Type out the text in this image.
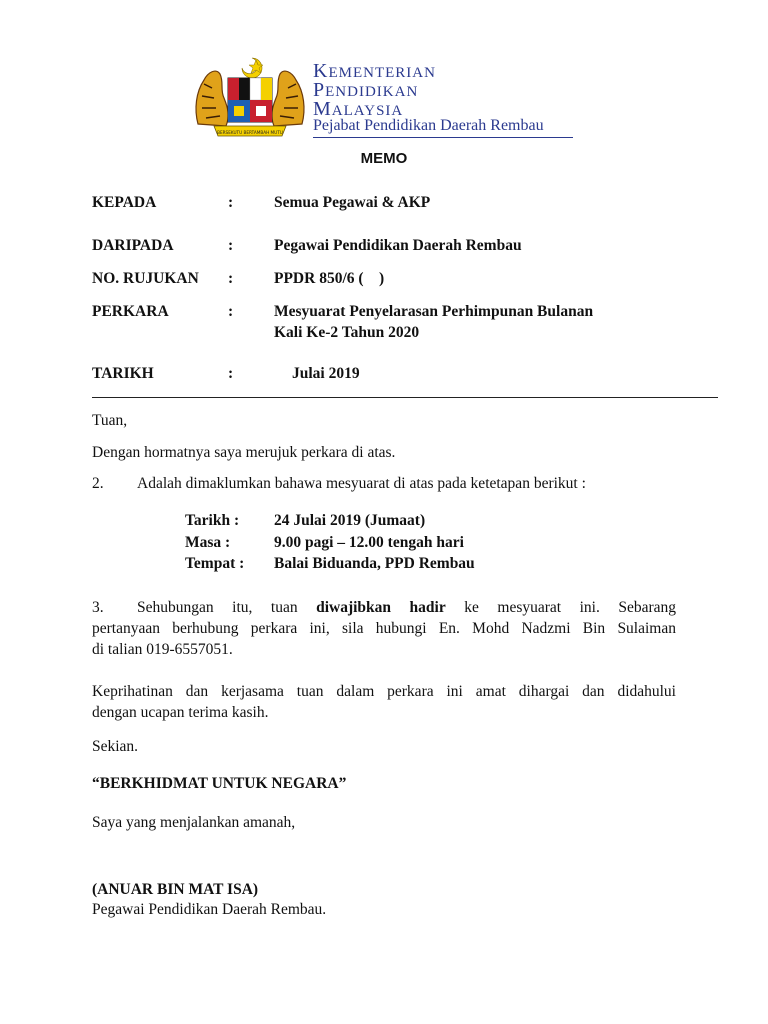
BERSEKUTU BERTAMBAH MUTU
KEMENTERIAN
PENDIDIKAN
MALAYSIA
Pejabat Pendidikan Daerah Rembau
MEMO
KEPADA	:	Semua Pegawai & AKP
DARIPADA	:	Pegawai Pendidikan Daerah Rembau
NO. RUJUKAN :	PPDR 850/6 (    )
PERKARA	:	Mesyuarat Penyelarasan Perhimpunan Bulanan
Kali Ke-2 Tahun 2020
TARIKH	:	Julai 2019
Tuan,
Dengan hormatnya saya merujuk perkara di atas.
2. Adalah dimaklumkan bahawa mesyuarat di atas pada ketetapan berikut :
Tarikh : 24 Julai 2019 (Jumaat)
Masa :	9.00 pagi – 12.00 tengah hari
Tempat : Balai Biduanda, PPD Rembau
3. Sehubungan itu, tuan diwajibkan hadir ke mesyuarat ini. Sebarang
pertanyaan berhubung perkara ini, sila hubungi En. Mohd Nadzmi Bin Sulaiman
di talian 019-6557051.
Keprihatinan dan kerjasama tuan dalam perkara ini amat dihargai dan didahului
dengan ucapan terima kasih.
Sekian.
“BERKHIDMAT UNTUK NEGARA”
Saya yang menjalankan amanah,
(ANUAR BIN MAT ISA)
Pegawai Pendidikan Daerah Rembau.
